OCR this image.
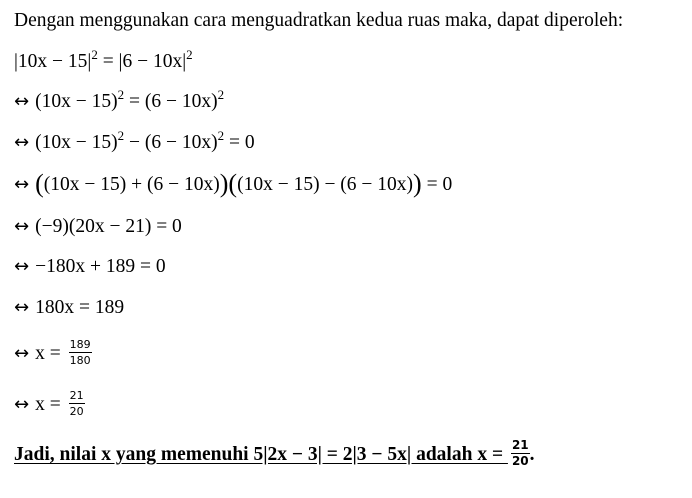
Dengan menggunakan cara menguadratkan kedua ruas maka, dapat diperoleh:
$|10x - 15|^2 = |6 - 10x|^2$
↔ $(10x - 15)^2 = (6 - 10x)^2$
↔ $(10x - 15)^2 - (6 - 10x)^2 = 0$
↔ ((10x − 15) + (6 − 10x))((10x − 15) − (6 − 10x)) = 0
↔ (−9)(20x − 21) = 0
↔ −180x + 189 = 0
↔ 180x = 189
↔ $x = \frac{189}{180}$
↔ $x = \frac{21}{20}$
Jadi, nilai x yang memenuhi 5|2x − 3| = 2|3 − 5x| adalah $x = \frac{21}{20}$ .
